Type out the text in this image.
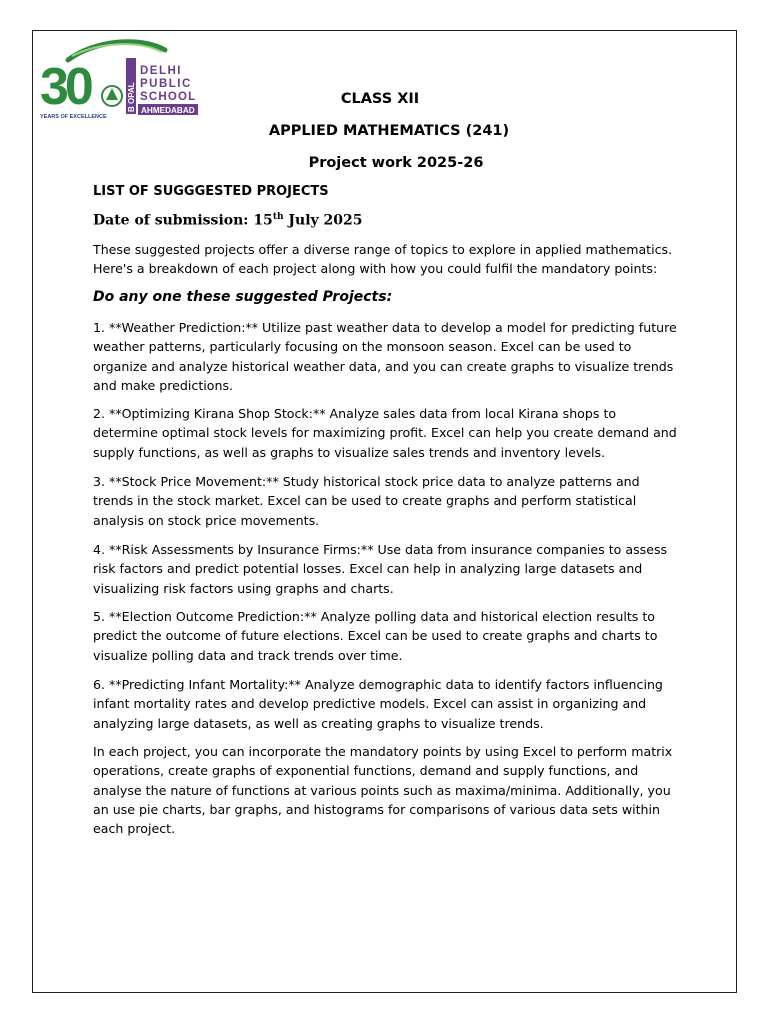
30
YEARS OF EXCELLENCE
B OPAL
DELHI
PUBLIC
SCHOOL
AHMEDABAD
CLASS XII
APPLIED MATHEMATICS (241)
Project work 2025-26
LIST OF SUGGGESTED PROJECTS
Date of submission: 15th July 2025
These suggested projects offer a diverse range of topics to explore in applied mathematics. Here's a breakdown of each project along with how you could fulfil the mandatory points:
Do any one these suggested Projects:
1. **Weather Prediction:** Utilize past weather data to develop a model for predicting future weather patterns, particularly focusing on the monsoon season. Excel can be used to organize and analyze historical weather data, and you can create graphs to visualize trends and make predictions.
2. **Optimizing Kirana Shop Stock:** Analyze sales data from local Kirana shops to determine optimal stock levels for maximizing profit. Excel can help you create demand and supply functions, as well as graphs to visualize sales trends and inventory levels.
3. **Stock Price Movement:** Study historical stock price data to analyze patterns and trends in the stock market. Excel can be used to create graphs and perform statistical analysis on stock price movements.
4. **Risk Assessments by Insurance Firms:** Use data from insurance companies to assess risk factors and predict potential losses. Excel can help in analyzing large datasets and visualizing risk factors using graphs and charts.
5. **Election Outcome Prediction:** Analyze polling data and historical election results to predict the outcome of future elections. Excel can be used to create graphs and charts to visualize polling data and track trends over time.
6. **Predicting Infant Mortality:** Analyze demographic data to identify factors influencing infant mortality rates and develop predictive models. Excel can assist in organizing and analyzing large datasets, as well as creating graphs to visualize trends.
In each project, you can incorporate the mandatory points by using Excel to perform matrix operations, create graphs of exponential functions, demand and supply functions, and analyse the nature of functions at various points such as maxima/minima. Additionally, you an use pie charts, bar graphs, and histograms for comparisons of various data sets within each project.
